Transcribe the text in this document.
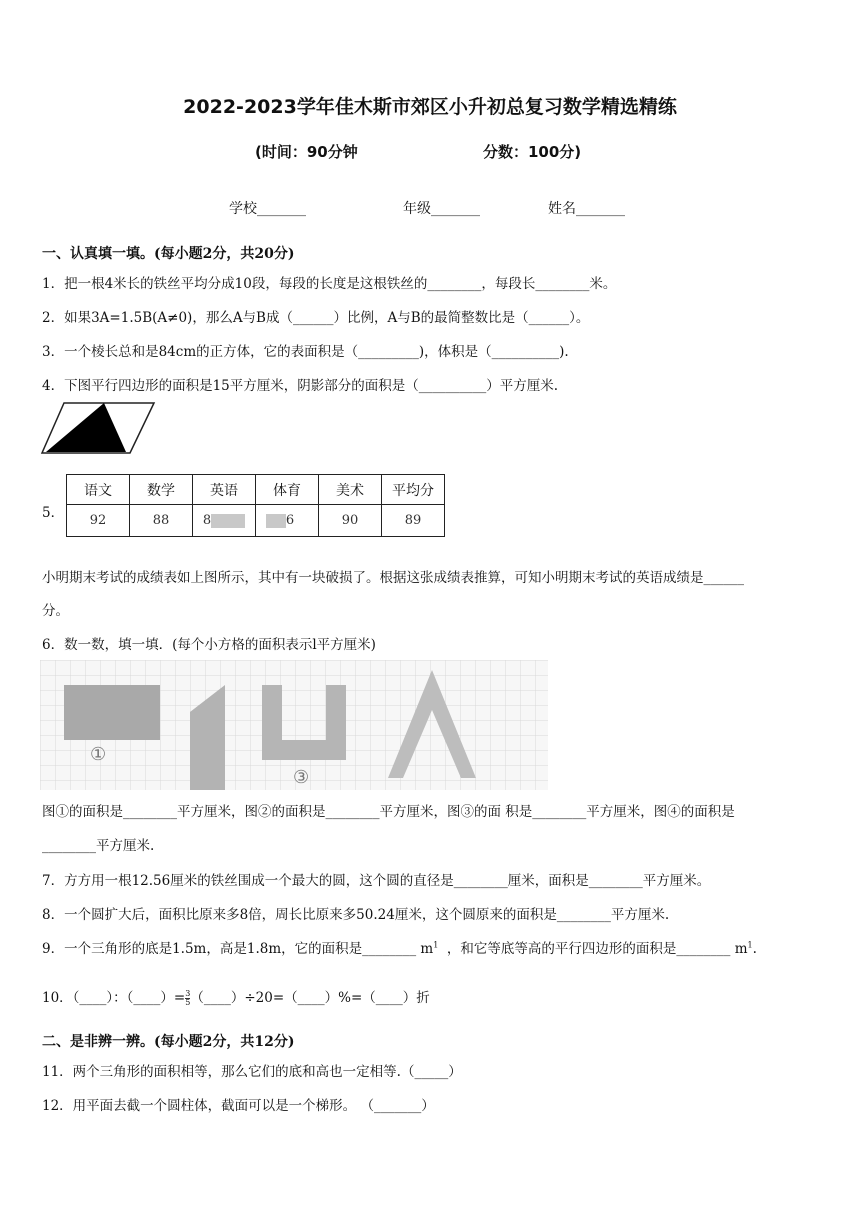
2022-2023学年佳木斯市郊区小升初总复习数学精选精练
(时间：90分钟	分数：100分)
学校_______	年级_______	姓名_______
一、认真填一填。(每小题2分，共20分)
1．把一根4米长的铁丝平均分成10段，每段的长度是这根铁丝的________，每段长________米。
2．如果3A=1.5B(A≠0)，那么A与B成（______）比例，A与B的最简整数比是（______）。
3．一个棱长总和是84cm的正方体，它的表面积是（_________)，体积是（__________).
4．下图平行四边形的面积是15平方厘米，阴影部分的面积是（__________）平方厘米.
5．
语文	数学	英语	体育	美术	平均分
92	88	8	6	90	89
小明期末考试的成绩表如上图所示，其中有一块破损了。根据这张成绩表推算，可知小明期末考试的英语成绩是______
分。
6．数一数，填一填．(每个小方格的面积表示l平方厘米)
①
③
图①的面积是________平方厘米，图②的面积是________平方厘米，图③的面 积是________平方厘米，图④的面积是
________平方厘米.
7．方方用一根12.56厘米的铁丝围成一个最大的圆，这个圆的直径是________厘米，面积是________平方厘米。
8．一个圆扩大后，面积比原来多8倍，周长比原来多50.24厘米，这个圆原来的面积是________平方厘米.
9．一个三角形的底是1.5m，高是1.8m，它的面积是________ $m^1$ ，和它等底等高的平行四边形的面积是________ $m^1$.
10．（____）：（____）= $\frac{3}{5}$ （____）÷20=（____）%=（____）折
二、是非辨一辨。(每小题2分，共12分)
11．两个三角形的面积相等，那么它们的底和高也一定相等.（_____）
12．用平面去截一个圆柱体，截面可以是一个梯形。 （_______）
